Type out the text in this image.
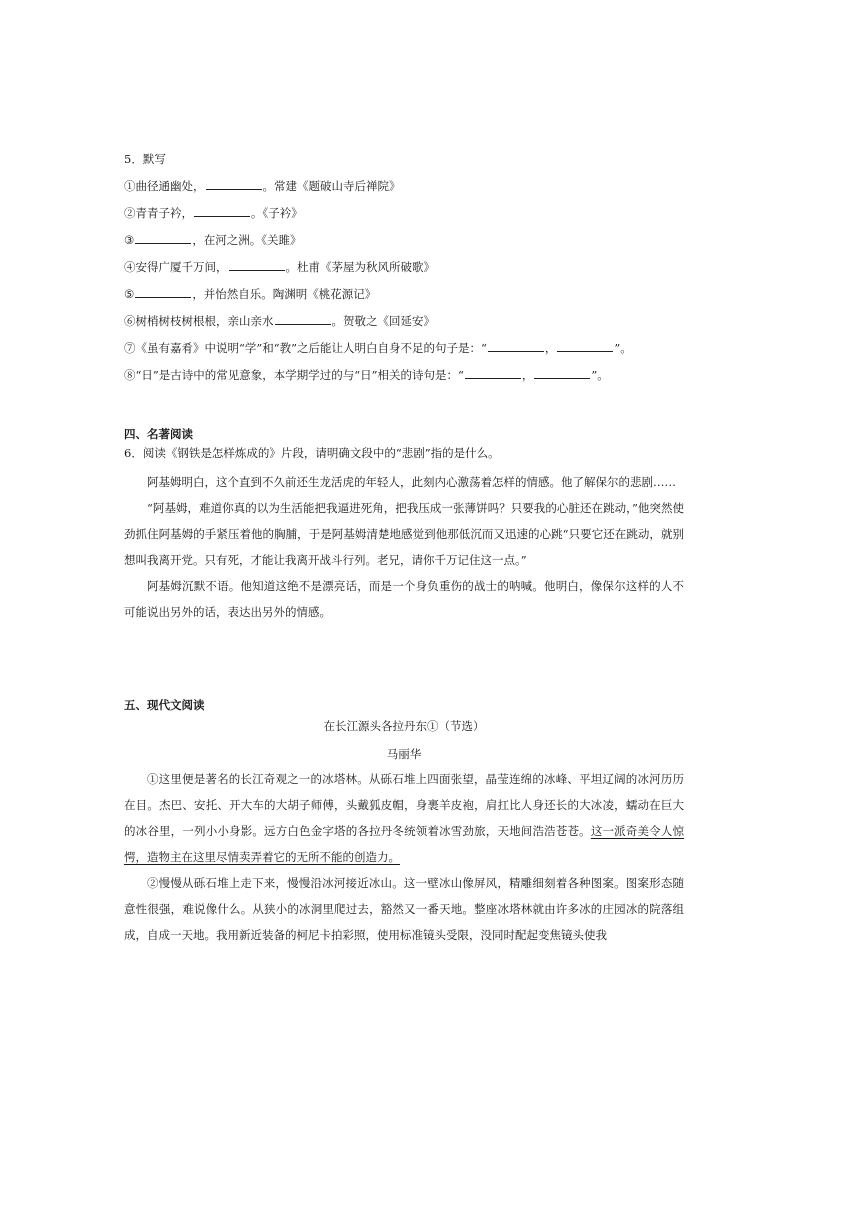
5．默写
①曲径通幽处，	。常建《题破山寺后禅院》
②青青子衿，	。《子衿》
③	，在河之洲。《关雎》
④安得广厦千万间，	。杜甫《茅屋为秋风所破歌》
⑤	，并怡然自乐。陶渊明《桃花源记》
⑥树梢树枝树根根，亲山亲水	。贺敬之《回延安》
⑦《虽有嘉肴》中说明“学”和“教”之后能让人明白自身不足的句子是：“	，	”。
⑧“日”是古诗中的常见意象，本学期学过的与“日”相关的诗句是：“	，	”。
四、名著阅读
6．阅读《钢铁是怎样炼成的》片段，请明确文段中的“悲剧”指的是什么。

阿基姆明白，这个直到不久前还生龙活虎的年轻人，此刻内心激荡着怎样的情感。他了解保尔的悲剧……

“阿基姆，难道你真的以为生活能把我逼进死角，把我压成一张薄饼吗？只要我的心脏还在跳动，”他突然使劲抓住阿基姆的手紧压着他的胸脯，于是阿基姆清楚地感觉到他那低沉而又迅速的心跳“只要它还在跳动，就别想叫我离开党。只有死，才能让我离开战斗行列。老兄，请你千万记住这一点。”

阿基姆沉默不语。他知道这绝不是漂亮话，而是一个身负重伤的战士的呐喊。他明白，像保尔这样的人不可能说出另外的话，表达出另外的情感。

五、现代文阅读
在长江源头各拉丹东①（节选）
马丽华

①这里便是著名的长江奇观之一的冰塔林。从砾石堆上四面张望，晶莹连绵的冰峰、平坦辽阔的冰河历历在目。杰巴、安托、开大车的大胡子师傅，头戴狐皮帽，身裹羊皮袍，肩扛比人身还长的大冰凌，蠕动在巨大的冰谷里，一列小小身影。远方白色金字塔的各拉丹冬统领着冰雪劲旅，天地间浩浩苍苍。这一派奇美令人惊愕，造物主在这里尽情卖弄着它的无所不能的创造力。

②慢慢从砾石堆上走下来，慢慢沿冰河接近冰山。这一壁冰山像屏风，精雕细刻着各种图案。图案形态随意性很强，难说像什么。从狭小的冰洞里爬过去，豁然又一番天地。整座冰塔林就由许多冰的庄园冰的院落组成，自成一天地。我用新近装备的柯尼卡拍彩照，使用标准镜头受限，没同时配起变焦镜头使我
